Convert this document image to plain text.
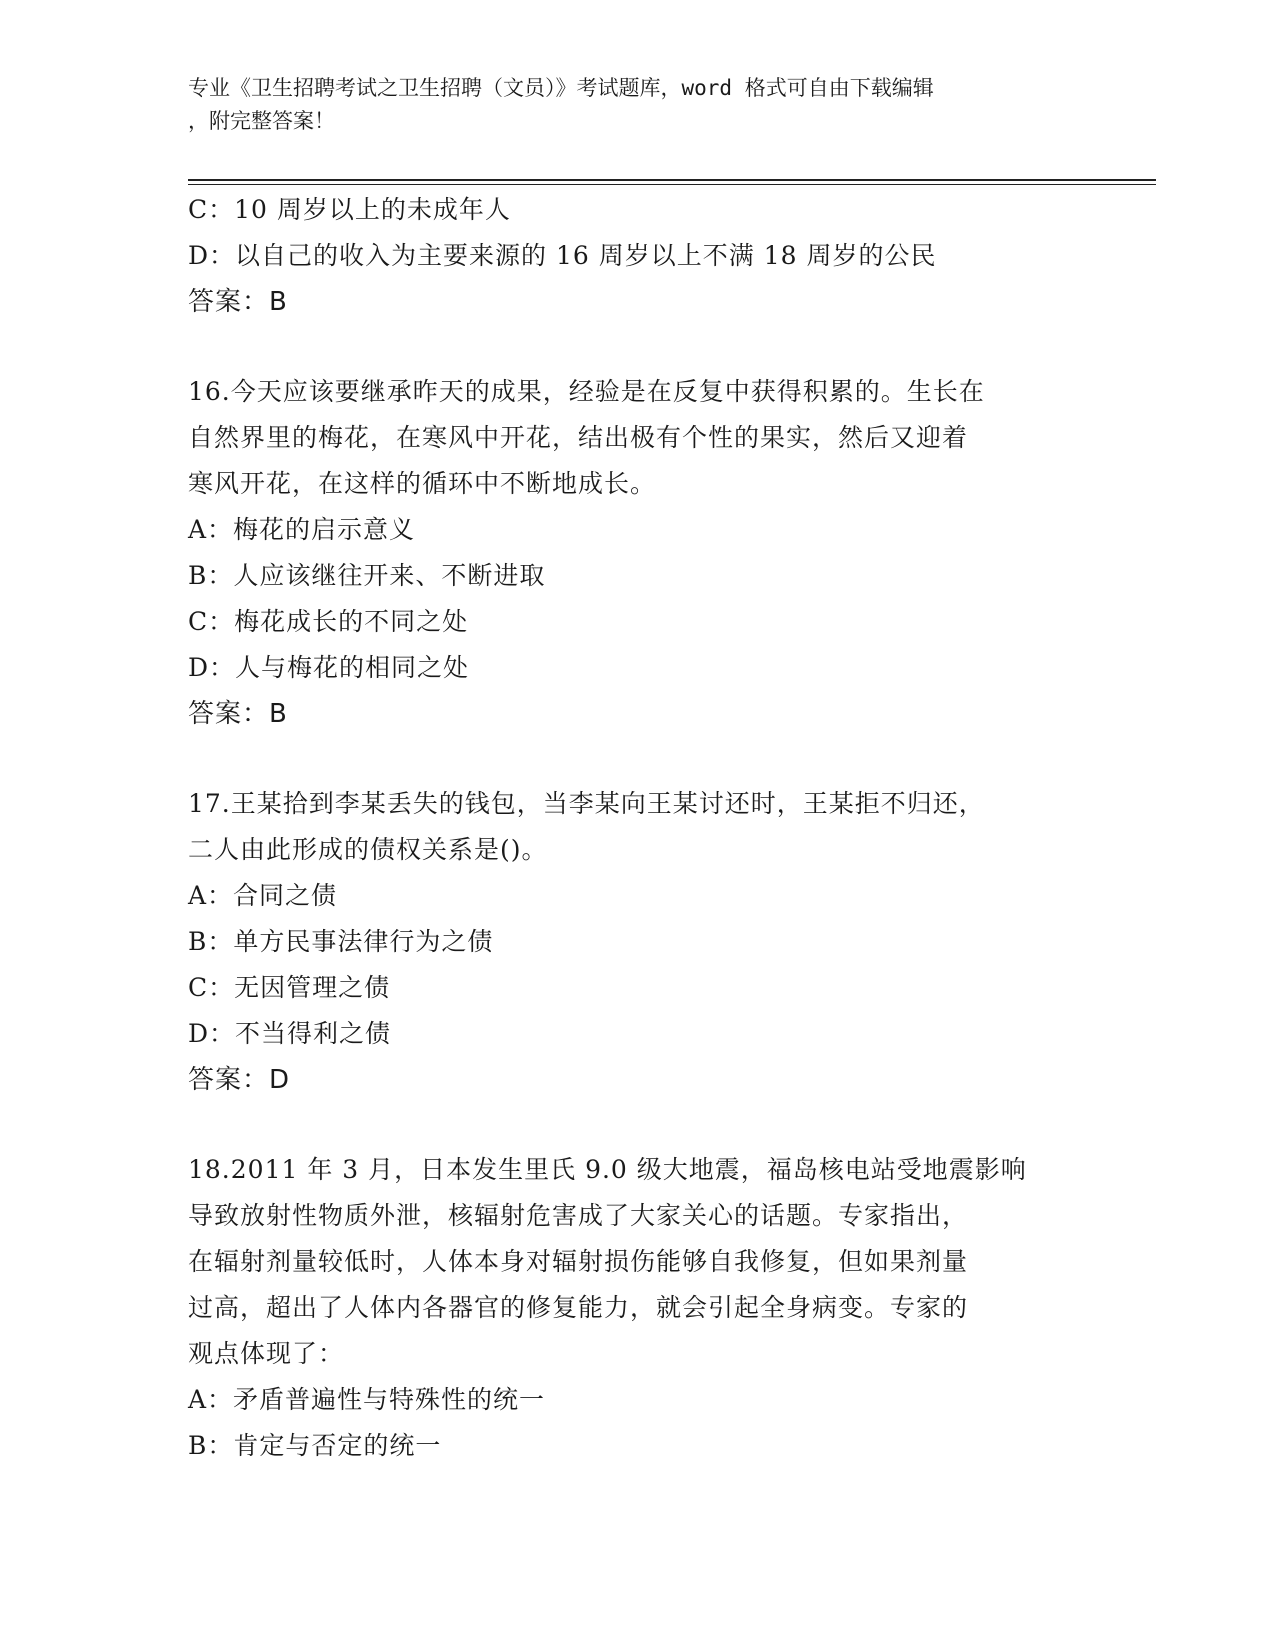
专业《卫生招聘考试之卫生招聘（文员）》考试题库，word 格式可自由下载编辑
，附完整答案！
C：10 周岁以上的未成年人
D：以自己的收入为主要来源的 16 周岁以上不满 18 周岁的公民
答案：B
16.今天应该要继承昨天的成果，经验是在反复中获得积累的。生长在
自然界里的梅花，在寒风中开花，结出极有个性的果实，然后又迎着
寒风开花，在这样的循环中不断地成长。
A：梅花的启示意义
B：人应该继往开来、不断进取
C：梅花成长的不同之处
D：人与梅花的相同之处
答案：B
17.王某拾到李某丢失的钱包，当李某向王某讨还时，王某拒不归还，
二人由此形成的债权关系是()。
A：合同之债
B：单方民事法律行为之债
C：无因管理之债
D：不当得利之债
答案：D
18.2011 年 3 月，日本发生里氏 9.0 级大地震，福岛核电站受地震影响
导致放射性物质外泄，核辐射危害成了大家关心的话题。专家指出，
在辐射剂量较低时，人体本身对辐射损伤能够自我修复，但如果剂量
过高，超出了人体内各器官的修复能力，就会引起全身病变。专家的
观点体现了：
A：矛盾普遍性与特殊性的统一
B：肯定与否定的统一
